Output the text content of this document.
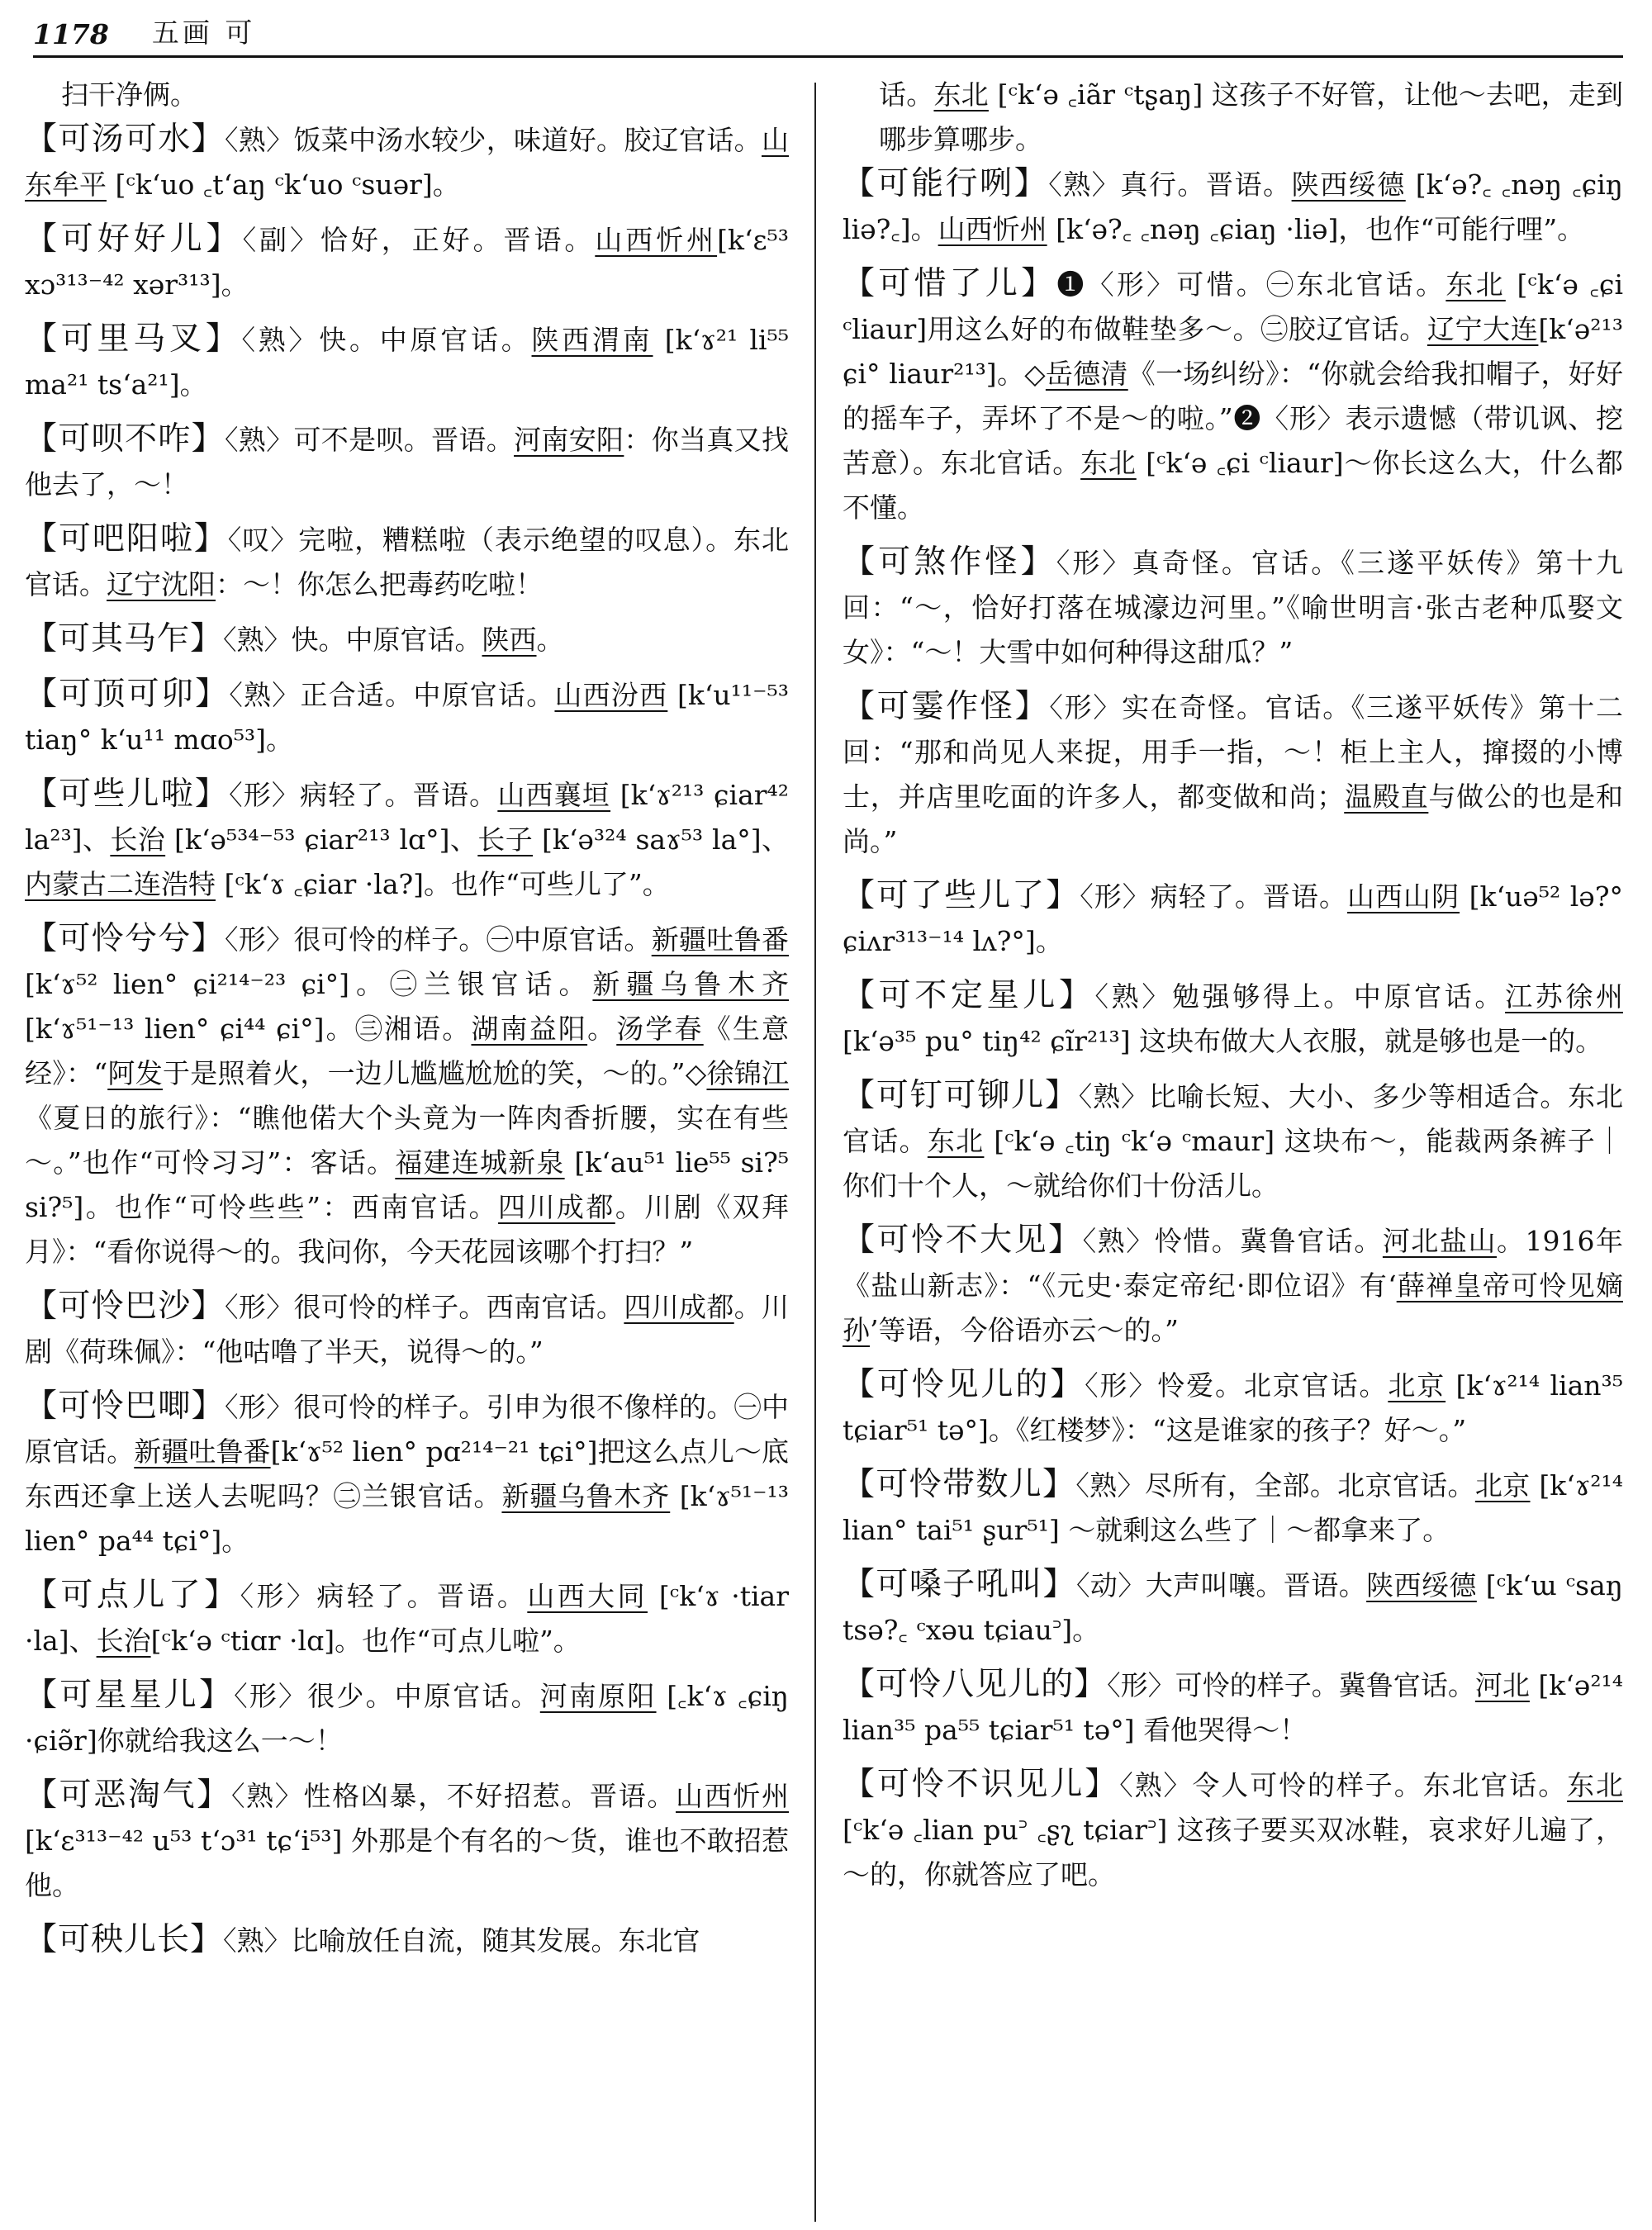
1178 五画 可
扫干净俩。
【可汤可水】〈熟〉饭菜中汤水较少，味道好。胶辽官话。山东牟平 [ᶜk‘uo ꜀t‘aŋ ᶜk‘uo ᶜsuər]。
【可好好儿】〈副〉恰好，正好。晋语。山西忻州[k‘ɛ⁵³ xɔ³¹³⁻⁴² xər³¹³]。
【可里马叉】〈熟〉快。中原官话。陕西渭南 [k‘ɤ²¹ li⁵⁵ ma²¹ ts‘a²¹]。
【可呗不咋】〈熟〉可不是呗。晋语。河南安阳：你当真又找他去了，～！
【可吧阳啦】〈叹〉完啦，糟糕啦（表示绝望的叹息）。东北官话。辽宁沈阳：～！你怎么把毒药吃啦！
【可其马乍】〈熟〉快。中原官话。陕西。
【可顶可卯】〈熟〉正合适。中原官话。山西汾西 [k‘u¹¹⁻⁵³ tiaŋ° k‘u¹¹ mɑo⁵³]。
【可些儿啦】〈形〉病轻了。晋语。山西襄垣 [k‘ɤ²¹³ ɕiar⁴² la²³]、长治 [k‘ə⁵³⁴⁻⁵³ ɕiar²¹³ lɑ°]、长子 [k‘ə³²⁴ saɤ⁵³ la°]、内蒙古二连浩特 [ᶜk‘ɤ ꜀ɕiar ·la?]。也作“可些儿了”。
【可怜兮兮】〈形〉很可怜的样子。㊀中原官话。新疆吐鲁番 [k‘ɤ⁵² lien° ɕi²¹⁴⁻²³ ɕi°]。㊁兰银官话。新疆乌鲁木齐 [k‘ɤ⁵¹⁻¹³ lien° ɕi⁴⁴ ɕi°]。㊂湘语。湖南益阳。汤学春《生意经》：“阿发于是照着火，一边儿尴尴尬尬的笑，～的。”◇徐锦江《夏日的旅行》：“瞧他偌大个头竟为一阵肉香折腰，实在有些～。”也作“可怜习习”：客话。福建连城新泉 [k‘au⁵¹ lie⁵⁵ si?⁵ si?⁵]。也作“可怜些些”：西南官话。四川成都。川剧《双拜月》：“看你说得～的。我问你，今天花园该哪个打扫？”
【可怜巴沙】〈形〉很可怜的样子。西南官话。四川成都。川剧《荷珠佩》：“他咕噜了半天，说得～的。”
【可怜巴唧】〈形〉很可怜的样子。引申为很不像样的。㊀中原官话。新疆吐鲁番[k‘ɤ⁵² lien° pɑ²¹⁴⁻²¹ tɕi°]把这么点儿～底东西还拿上送人去呢吗？㊁兰银官话。新疆乌鲁木齐 [k‘ɤ⁵¹⁻¹³ lien° pa⁴⁴ tɕi°]。
【可点儿了】〈形〉病轻了。晋语。山西大同 [ᶜk‘ɤ ·tiar ·la]、长治[ᶜk‘ə ᶜtiɑr ·lɑ]。也作“可点儿啦”。
【可星星儿】〈形〉很少。中原官话。河南原阳 [꜀k‘ɤ ꜀ɕiŋ ·ɕiə̃r]你就给我这么一～！
【可恶淘气】〈熟〉性格凶暴，不好招惹。晋语。山西忻州 [k‘ɛ³¹³⁻⁴² u⁵³ t‘ɔ³¹ tɕ‘i⁵³] 外那是个有名的～货，谁也不敢招惹他。
【可秧儿长】〈熟〉比喻放任自流，随其发展。东北官
话。东北 [ᶜk‘ə ꜀iãr ᶜtʂaŋ] 这孩子不好管，让他～去吧，走到哪步算哪步。
【可能行咧】〈熟〉真行。晋语。陕西绥德 [k‘ə?꜀ ꜀nəŋ ꜀ɕiŋ liə?꜀]。山西忻州 [k‘ə?꜀ ꜀nəŋ ꜀ɕiaŋ ·liə]，也作“可能行哩”。
【可惜了儿】❶〈形〉可惜。㊀东北官话。东北 [ᶜk‘ə ꜀ɕi ᶜliaur]用这么好的布做鞋垫多～。㊁胶辽官话。辽宁大连[k‘ə²¹³ ɕi° liaur²¹³]。◇岳德清《一场纠纷》：“你就会给我扣帽子，好好的摇车子，弄坏了不是～的啦。”❷〈形〉表示遗憾（带讥讽、挖苦意）。东北官话。东北 [ᶜk‘ə ꜀ɕi ᶜliaur]～你长这么大，什么都不懂。
【可煞作怪】〈形〉真奇怪。官话。《三遂平妖传》第十九回：“～，恰好打落在城濠边河里。”《喻世明言·张古老种瓜娶文女》：“～！大雪中如何种得这甜瓜？”
【可霎作怪】〈形〉实在奇怪。官话。《三遂平妖传》第十二回：“那和尚见人来捉，用手一指，～！柜上主人，撺掇的小博士，并店里吃面的许多人，都变做和尚；温殿直与做公的也是和尚。”
【可了些儿了】〈形〉病轻了。晋语。山西山阴 [k‘uə⁵² lə?° ɕiʌr³¹³⁻¹⁴ lʌ?°]。
【可不定星儿】〈熟〉勉强够得上。中原官话。江苏徐州 [k‘ə³⁵ pu° tiŋ⁴² ɕĩr²¹³] 这块布做大人衣服，就是够也是一的。
【可钉可铆儿】〈熟〉比喻长短、大小、多少等相适合。东北官话。东北 [ᶜk‘ə ꜀tiŋ ᶜk‘ə ᶜmaur] 这块布～，能裁两条裤子｜你们十个人，～就给你们十份活儿。
【可怜不大见】〈熟〉怜惜。冀鲁官话。河北盐山。1916年《盐山新志》：“《元史·泰定帝纪·即位诏》有‘薛禅皇帝可怜见嫡孙’等语，今俗语亦云～的。”
【可怜见儿的】〈形〉怜爱。北京官话。北京 [k‘ɤ²¹⁴ lian³⁵ tɕiar⁵¹ tə°]。《红楼梦》：“这是谁家的孩子？好～。”
【可怜带数儿】〈熟〉尽所有，全部。北京官话。北京 [k‘ɤ²¹⁴ lian° tai⁵¹ ʂur⁵¹] ～就剩这么些了｜～都拿来了。
【可嗓子吼叫】〈动〉大声叫嚷。晋语。陕西绥德 [ᶜk‘ɯ ᶜsaŋ tsə?꜀ ᶜxəu tɕiau꜄]。
【可怜八见儿的】〈形〉可怜的样子。冀鲁官话。河北 [k‘ə²¹⁴ lian³⁵ pa⁵⁵ tɕiar⁵¹ tə°] 看他哭得～！
【可怜不识见儿】〈熟〉令人可怜的样子。东北官话。东北 [ᶜk‘ə ꜀lian pu꜄ ꜀ʂʅ tɕiar꜄] 这孩子要买双冰鞋，哀求好儿遍了，～的，你就答应了吧。
